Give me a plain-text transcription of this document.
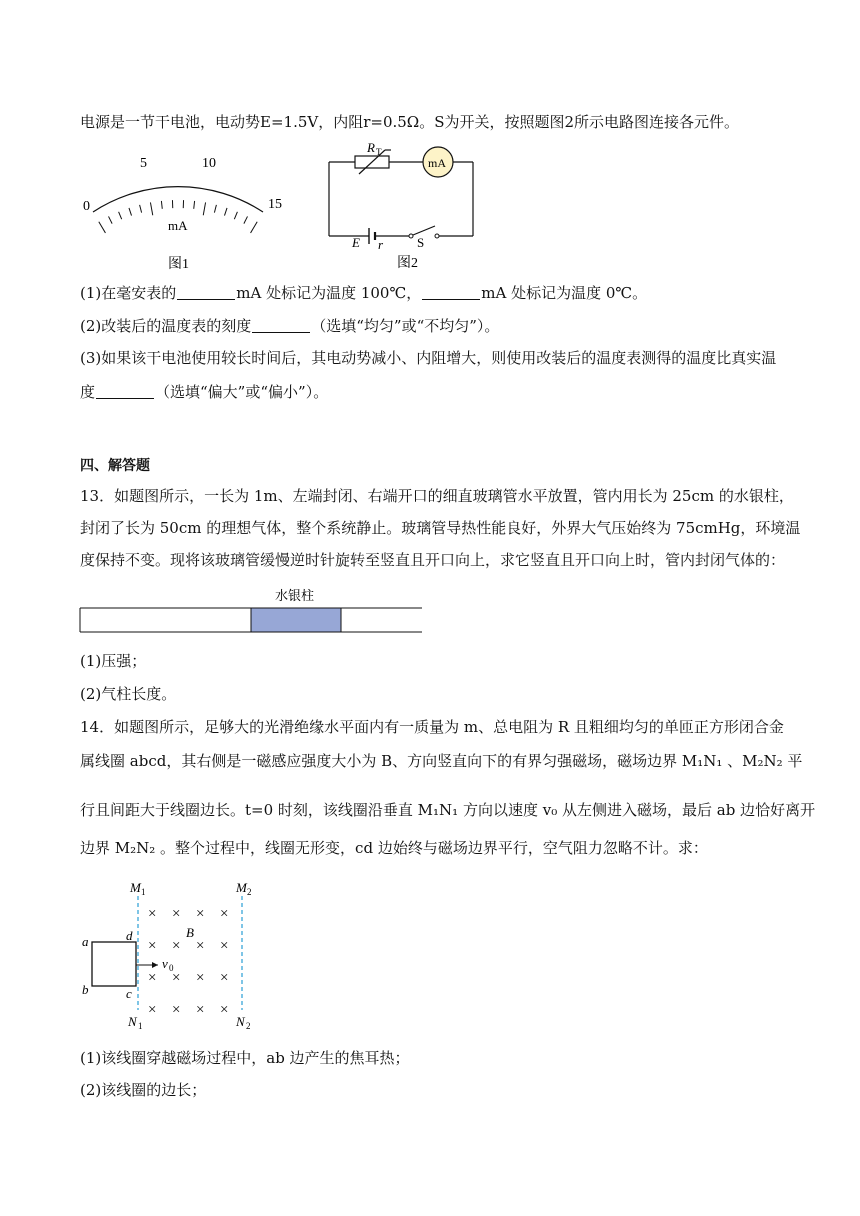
电源是一节干电池，电动势E=1.5V，内阻r=0.5Ω。S为开关，按照题图2所示电路图连接各元件。
0
5	10
15
mA
图1
mA
R T
E r	S
图2
(1)在毫安表的	mA 处标记为温度 100℃，	mA 处标记为温度 0℃。
(2)改装后的温度表的刻度	（选填“均匀”或“不均匀”）。
(3)如果该干电池使用较长时间后，其电动势减小、内阻增大，则使用改装后的温度表测得的温度比真实温
度	（选填“偏大”或“偏小”）。
四、解答题
13．如题图所示，一长为 1m、左端封闭、右端开口的细直玻璃管水平放置，管内用长为 25cm 的水银柱，
封闭了长为 50cm 的理想气体，整个系统静止。玻璃管导热性能良好，外界大气压始终为 75cmHg，环境温
度保持不变。现将该玻璃管缓慢逆时针旋转至竖直且开口向上，求它竖直且开口向上时，管内封闭气体的：
水银柱
(1)压强；
(2)气柱长度。
14．如题图所示，足够大的光滑绝缘水平面内有一质量为 m、总电阻为 R 且粗细均匀的单匝正方形闭合金
属线圈 abcd，其右侧是一磁感应强度大小为 B、方向竖直向下的有界匀强磁场，磁场边界 M₁N₁ 、M₂N₂ 平
行且间距大于线圈边长。t=0 时刻，该线圈沿垂直 M₁N₁ 方向以速度 v₀ 从左侧进入磁场，最后 ab 边恰好离开
边界 M₂N₂ 。整个过程中，线圈无形变，cd 边始终与磁场边界平行，空气阻力忽略不计。求：
× × × ×
× × × ×
× × × ×
× × × ×
M 1	M 2
N 1	N 2
B
a
b	c
d
v 0
(1)该线圈穿越磁场过程中，ab 边产生的焦耳热；
(2)该线圈的边长；
